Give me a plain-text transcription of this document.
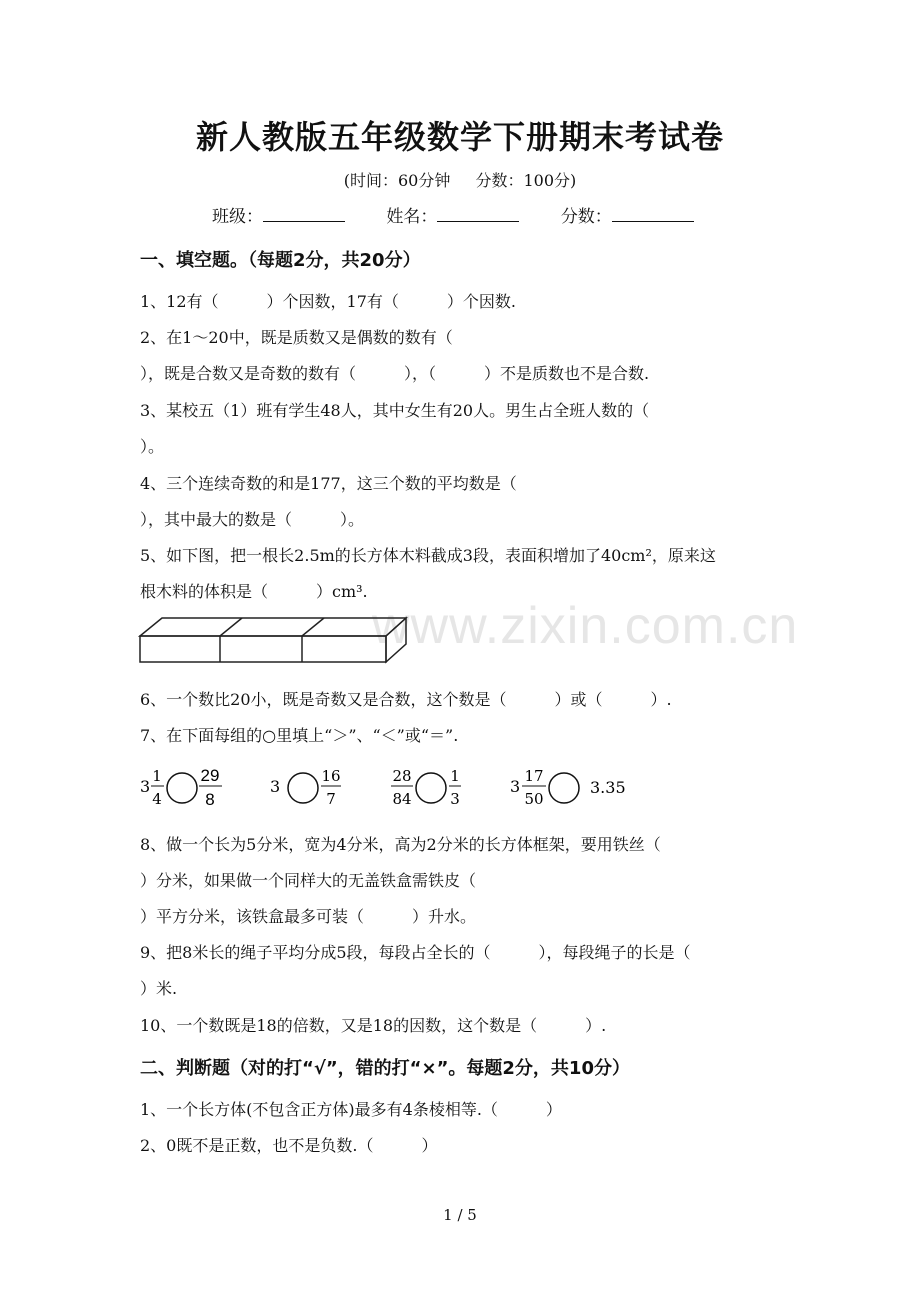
新人教版五年级数学下册期末考试卷
(时间：60分钟 分数：100分)
班级：	姓名：	分数：
一、填空题。（每题2分，共20分）
1、12有（　　　）个因数，17有（　　　）个因数.
2、在1～20中，既是质数又是偶数的数有（
），既是合数又是奇数的数有（　　　），（　　　）不是质数也不是合数.
3、某校五（1）班有学生48人，其中女生有20人。男生占全班人数的（
）。
4、三个连续奇数的和是177，这三个数的平均数是（
），其中最大的数是（　　　）。
5、如下图，把一根长2.5m的长方体木料截成3段，表面积增加了40cm²，原来这
根木料的体积是（　　　）cm³.
www.zixin.com.cn
6、一个数比20小，既是奇数又是合数，这个数是（　　　）或（　　　）.
7、在下面每组的○里填上“＞”、“＜”或“＝”.
3
1
4
29
8
3
16
7
28
84
1
3
3
17
50
3.35
8、做一个长为5分米，宽为4分米，高为2分米的长方体框架，要用铁丝（
）分米，如果做一个同样大的无盖铁盒需铁皮（
）平方分米，该铁盒最多可装（　　　）升水。
9、把8米长的绳子平均分成5段，每段占全长的（　　　），每段绳子的长是（
）米.
10、一个数既是18的倍数，又是18的因数，这个数是（　　　）.
二、判断题（对的打“√”，错的打“×”。每题2分，共10分）
1、一个长方体(不包含正方体)最多有4条棱相等.（　　　）
2、0既不是正数，也不是负数.（　　　）
1 / 5
